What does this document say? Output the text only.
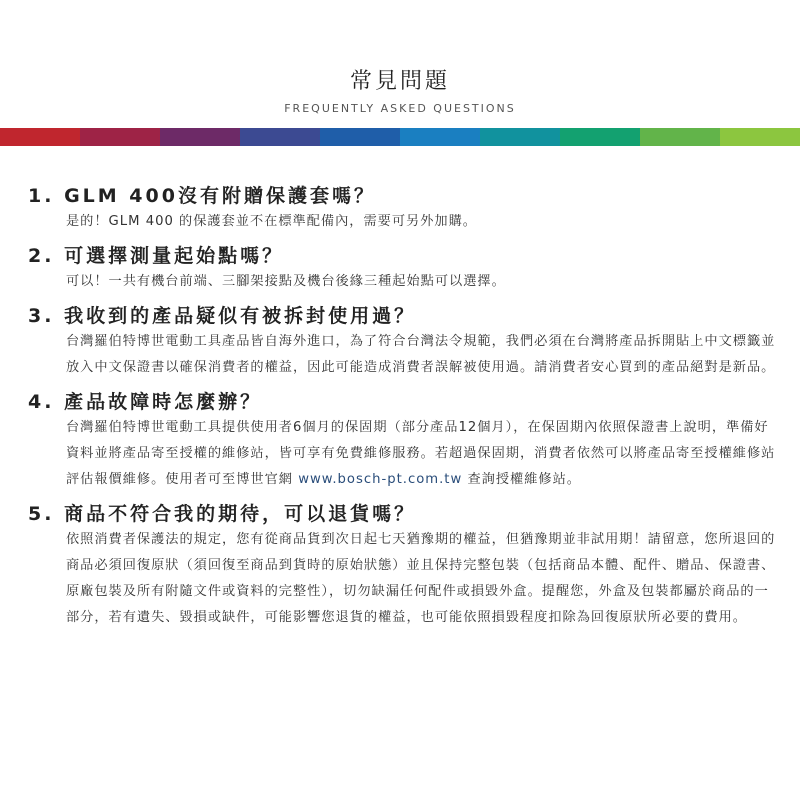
常見問題
FREQUENTLY ASKED QUESTIONS
1. GLM 400沒有附贈保護套嗎？
是的！GLM 400 的保護套並不在標準配備內，需要可另外加購。
2. 可選擇測量起始點嗎？
可以！一共有機台前端、三腳架接點及機台後緣三種起始點可以選擇。
3. 我收到的產品疑似有被拆封使用過？
台灣羅伯特博世電動工具產品皆自海外進口，為了符合台灣法令規範，我們必須在台灣將產品拆開貼上中文標籤並放入中文保證書以確保消費者的權益，因此可能造成消費者誤解被使用過。請消費者安心買到的產品絕對是新品。
4. 產品故障時怎麼辦？
台灣羅伯特博世電動工具提供使用者6個月的保固期（部分產品12個月），在保固期內依照保證書上說明，準備好資料並將產品寄至授權的維修站，皆可享有免費維修服務。若超過保固期，消費者依然可以將產品寄至授權維修站評估報價維修。使用者可至博世官網 www.bosch-pt.com.tw 查詢授權維修站。
5. 商品不符合我的期待，可以退貨嗎？
依照消費者保護法的規定，您有從商品貨到次日起七天猶豫期的權益，但猶豫期並非試用期！請留意，您所退回的商品必須回復原狀（須回復至商品到貨時的原始狀態）並且保持完整包裝（包括商品本體、配件、贈品、保證書、原廠包裝及所有附隨文件或資料的完整性），切勿缺漏任何配件或損毀外盒。提醒您，外盒及包裝都屬於商品的一部分，若有遺失、毀損或缺件，可能影響您退貨的權益，也可能依照損毀程度扣除為回復原狀所必要的費用。
